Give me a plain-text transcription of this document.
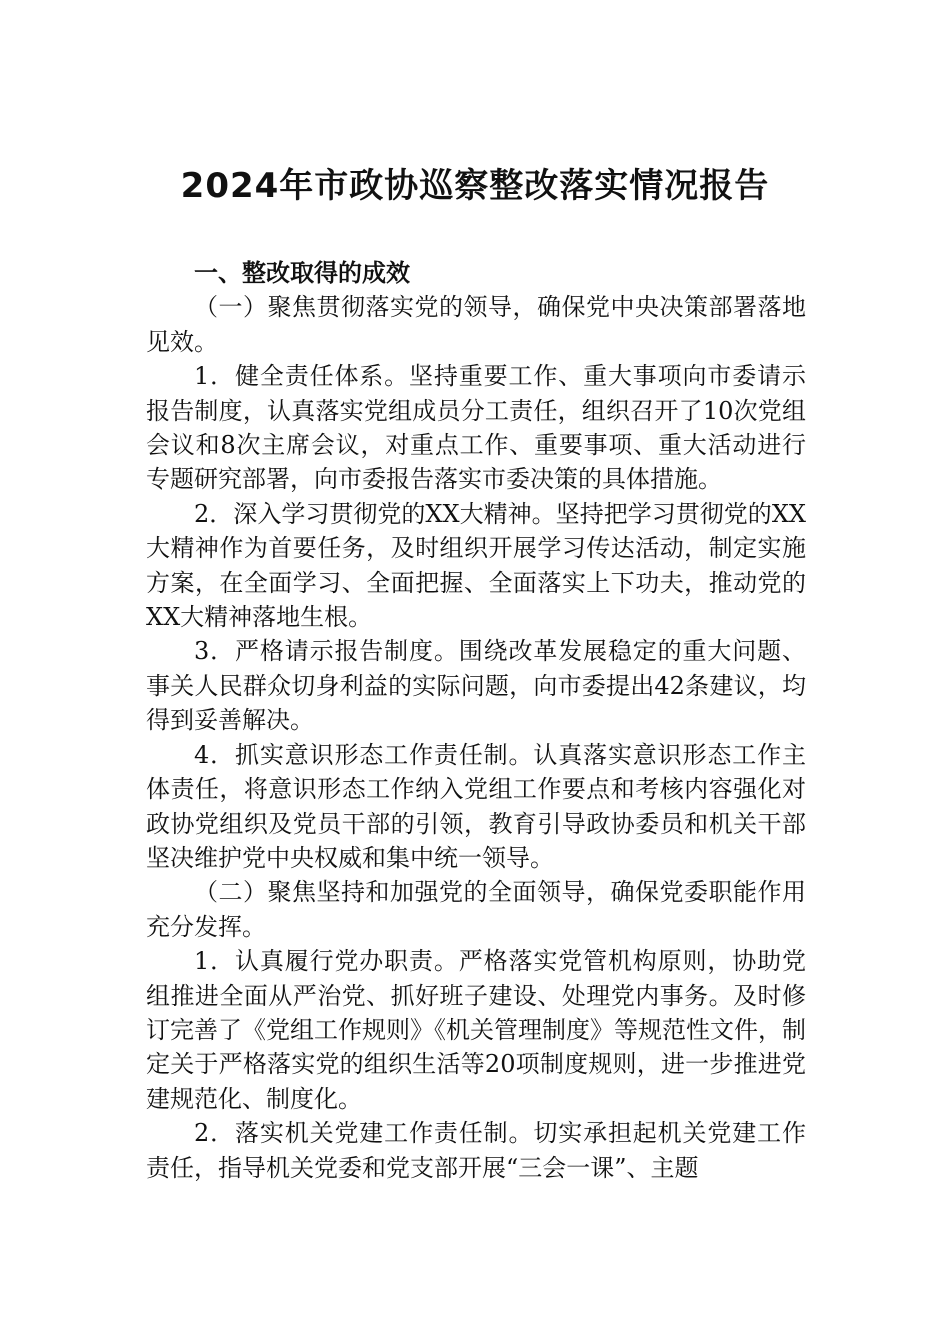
2024年市政协巡察整改落实情况报告

一、整改取得的成效

（一）聚焦贯彻落实党的领导，确保党中央决策部署落地见效。

1．健全责任体系。坚持重要工作、重大事项向市委请示报告制度，认真落实党组成员分工责任，组织召开了10次党组会议和8次主席会议，对重点工作、重要事项、重大活动进行专题研究部署，向市委报告落实市委决策的具体措施。

2．深入学习贯彻党的XX大精神。坚持把学习贯彻党的XX大精神作为首要任务，及时组织开展学习传达活动，制定实施方案，在全面学习、全面把握、全面落实上下功夫，推动党的XX大精神落地生根。

3．严格请示报告制度。围绕改革发展稳定的重大问题、事关人民群众切身利益的实际问题，向市委提出42条建议，均得到妥善解决。

4．抓实意识形态工作责任制。认真落实意识形态工作主体责任，将意识形态工作纳入党组工作要点和考核内容强化对政协党组织及党员干部的引领，教育引导政协委员和机关干部坚决维护党中央权威和集中统一领导。

（二）聚焦坚持和加强党的全面领导，确保党委职能作用充分发挥。

1．认真履行党办职责。严格落实党管机构原则，协助党组推进全面从严治党、抓好班子建设、处理党内事务。及时修订完善了《党组工作规则》《机关管理制度》等规范性文件，制定关于严格落实党的组织生活等20项制度规则，进一步推进党建规范化、制度化。

2．落实机关党建工作责任制。切实承担起机关党建工作责任，指导机关党委和党支部开展“三会一课”、主题
